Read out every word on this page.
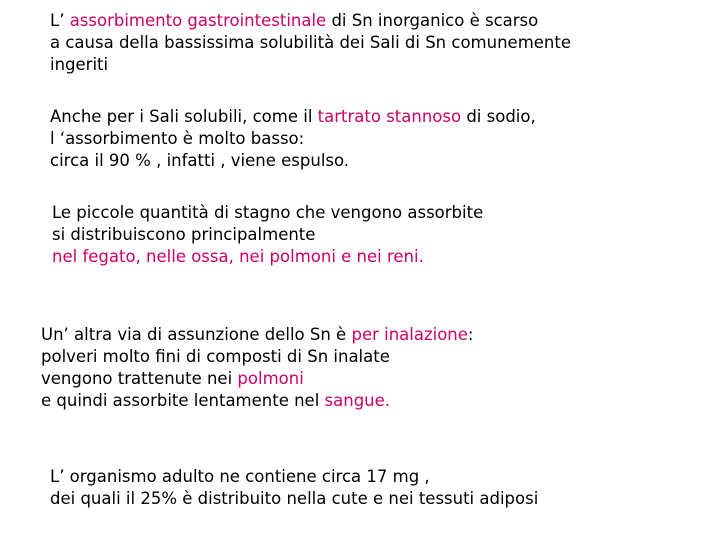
L’ assorbimento gastrointestinale di Sn inorganico è scarso
a causa della bassissima solubilità dei Sali di Sn comunemente
ingeriti
Anche per i Sali solubili, come il tartrato stannoso di sodio,
l ‘assorbimento è molto basso:
circa il 90 % , infatti , viene espulso.
Le piccole quantità di stagno che vengono assorbite
si distribuiscono principalmente
nel fegato, nelle ossa, nei polmoni e nei reni.
Un’ altra via di assunzione dello Sn è per inalazione:
polveri molto fini di composti di Sn inalate
vengono trattenute nei polmoni
e quindi assorbite lentamente nel sangue.
L’ organismo adulto ne contiene circa 17 mg ,
dei quali il 25% è distribuito nella cute e nei tessuti adiposi
